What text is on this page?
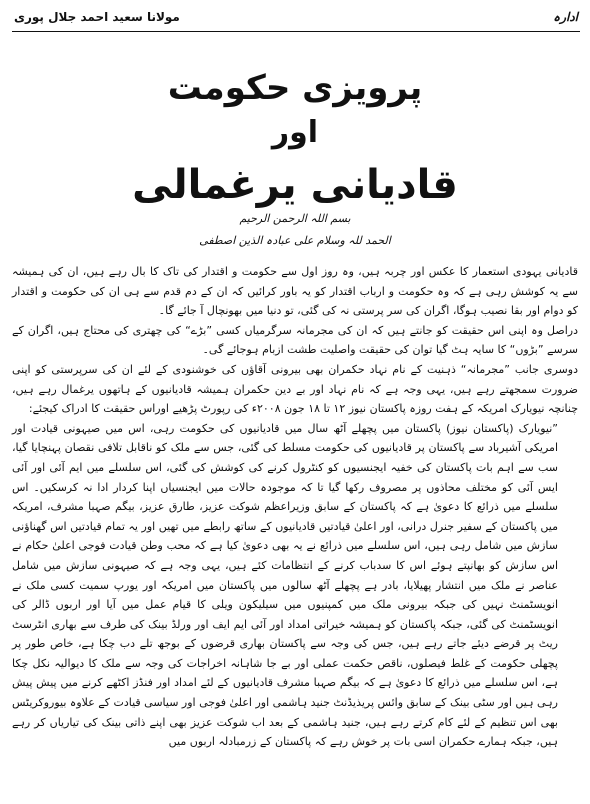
مولانا سعید احمد جلال پوری	ادارہ
پرویزی حکومت
اور
قادیانی یرغمالی
بسم اللہ الرحمن الرحیم
الحمد للہ وسلام علی عبادہ الذین اصطفی

قادیانی یہودی استعمار کا عکس اور چربہ ہیں، وہ روز اول سے حکومت و اقتدار کی تاک کا بال رہے ہیں، ان کی ہمیشہ سے یہ کوشش رہی ہے کہ وہ حکومت و ارباب اقتدار کو یہ باور کرائیں کہ ان کے دم قدم سے ہی ان کی حکومت و اقتدار کو دوام اور بقا نصیب ہوگا، اگران کی سر پرستی نہ کی گئی، تو دنیا میں بھونچال آ جائے گا۔

دراصل وہ اپنی اس حقیقت کو جانتے ہیں کہ ان کی مجرمانہ سرگرمیاں کسی ”بڑے“ کی چھتری کی محتاج ہیں، اگران کے سرسے ”بڑوں“ کا سایہ ہٹ گیا توان کی حقیقت واصلیت طشت ازبام ہوجائے گی۔

دوسری جانب ”مجرمانہ“ ذہنیت کے نام نہاد حکمران بھی بیرونی آقاؤں کی خوشنودی کے لئے ان کی سرپرستی کو اپنی ضرورت سمجھتے رہے ہیں، یہی وجہ ہے کہ نام نہاد اور بے دین حکمران ہمیشہ قادیانیوں کے ہاتھوں یرغمال رہے ہیں، چنانچہ نیویارک امریکہ کے ہفت روزہ پاکستان نیوز ۱۲ تا ۱۸ جون ۲۰۰۸ء کی رپورٹ پڑھیے اوراس حقیقت کا ادراک کیجئے:

”نیویارک (پاکستان نیوز) پاکستان میں پچھلے آٹھ سال میں قادیانیوں کی حکومت رہی، اس میں صیہونی قیادت اور امریکی آشیرباد سے پاکستان پر قادیانیوں کی حکومت مسلط کی گئی، جس سے ملک کو ناقابل تلافی نقصان پہنچایا گیا، سب سے اہم بات پاکستان کی خفیہ ایجنسیوں کو کنٹرول کرنے کی کوشش کی گئی، اس سلسلے میں ایم آئی اور آئی ایس آئی کو مختلف محاذوں پر مصروف رکھا گیا تا کہ موجودہ حالات میں ایجنسیاں اپنا کردار ادا نہ کرسکیں۔ اس سلسلے میں ذرائع کا دعویٰ ہے کہ پاکستان کے سابق وزیراعظم شوکت عزیز، طارق عزیز، بیگم صہبا مشرف، امریکہ میں پاکستان کے سفیر جنرل درانی، اور اعلیٰ قیادتیں قادیانیوں کے ساتھ رابطے میں تھیں اور یہ تمام قیادتیں اس گھناؤنی سازش میں شامل رہی ہیں، اس سلسلے میں ذرائع نے یہ بھی دعویٰ کیا ہے کہ محب وطن قیادت فوجی اعلیٰ حکام نے اس سازش کو بھانپتے ہوئے اس کا سدباب کرنے کے انتظامات کئے ہیں، یہی وجہ ہے کہ صیہونی سازش میں شامل عناصر نے ملک میں انتشار پھیلایا، بادر ہے پچھلے آٹھ سالوں میں پاکستان میں امریکہ اور یورپ سمیت کسی ملک نے انویسٹمنٹ نہیں کی جبکہ بیرونی ملک میں کمپنیوں میں سیلیکون ویلی کا قیام عمل میں آیا اور اربوں ڈالر کی انویسٹمنٹ کی گئی، جبکہ پاکستان کو ہمیشہ خیراتی امداد اور آئی ایم ایف اور ورلڈ بینک کی طرف سے بھاری انٹرسٹ ریٹ پر قرضے دیئے جاتے رہے ہیں، جس کی وجہ سے پاکستان بھاری قرضوں کے بوجھ تلے دب چکا ہے، خاص طور پر پچھلی حکومت کے غلط فیصلوں، ناقص حکمت عملی اور بے جا شاہانہ اخراجات کی وجہ سے ملک کا دیوالیہ نکل چکا ہے، اس سلسلے میں ذرائع کا دعویٰ ہے کہ بیگم صہبا مشرف قادیانیوں کے لئے امداد اور فنڈز اکٹھے کرنے میں پیش پیش رہی ہیں اور سٹی بینک کے سابق وائس پریذیڈنٹ جنید ہاشمی اور اعلیٰ فوجی اور سیاسی قیادت کے علاوہ بیوروکریٹس بھی اس تنظیم کے لئے کام کرتے رہے ہیں، جنید ہاشمی کے بعد اب شوکت عزیز بھی اپنے ذاتی بینک کی تیاریاں کر رہے ہیں، جبکہ ہمارے حکمران اسی بات پر خوش رہے کہ پاکستان کے زرمبادلہ اربوں میں
